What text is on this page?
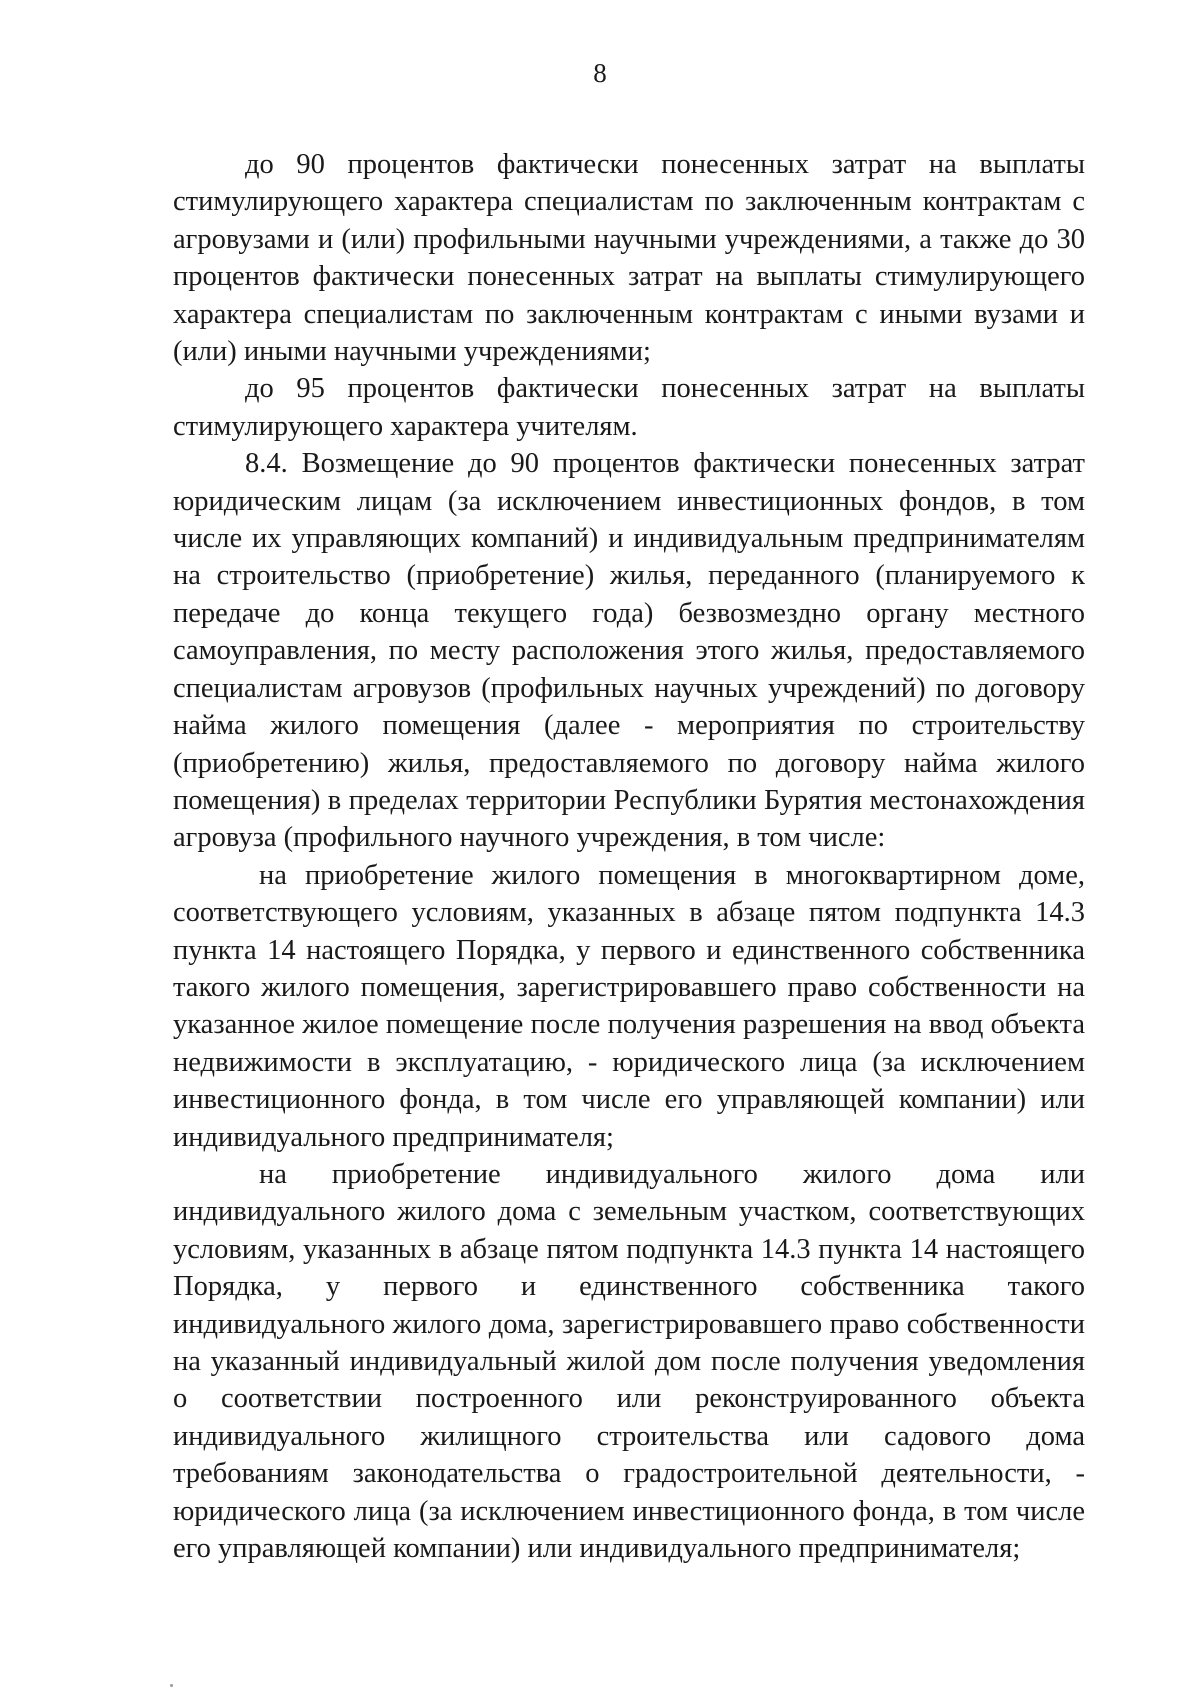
8

до 90 процентов фактически понесенных затрат на выплаты стимулирующего характера специалистам по заключенным контрактам с агровузами и (или) профильными научными учреждениями, а также до 30 процентов фактически понесенных затрат на выплаты стимулирующего характера специалистам по заключенным контрактам с иными вузами и (или) иными научными учреждениями;

до 95 процентов фактически понесенных затрат на выплаты стимулирующего характера учителям.

8.4. Возмещение до 90 процентов фактически понесенных затрат юридическим лицам (за исключением инвестиционных фондов, в том числе их управляющих компаний) и индивидуальным предпринимателям на строительство (приобретение) жилья, переданного (планируемого к передаче до конца текущего года) безвозмездно органу местного самоуправления, по месту расположения этого жилья, предоставляемого специалистам агровузов (профильных научных учреждений) по договору найма жилого помещения (далее - мероприятия по строительству (приобретению) жилья, предоставляемого по договору найма жилого помещения) в пределах территории Республики Бурятия местонахождения агровуза (профильного научного учреждения, в том числе:

на приобретение жилого помещения в многоквартирном доме, соответствующего условиям, указанных в абзаце пятом подпункта 14.3 пункта 14 настоящего Порядка, у первого и единственного собственника такого жилого помещения, зарегистрировавшего право собственности на указанное жилое помещение после получения разрешения на ввод объекта недвижимости в эксплуатацию, - юридического лица (за исключением инвестиционного фонда, в том числе его управляющей компании) или индивидуального предпринимателя;

на приобретение индивидуального жилого дома или индивидуального жилого дома с земельным участком, соответствующих условиям, указанных в абзаце пятом подпункта 14.3 пункта 14 настоящего Порядка, у первого и единственного собственника такого индивидуального жилого дома, зарегистрировавшего право собственности на указанный индивидуальный жилой дом после получения уведомления о соответствии построенного или реконструированного объекта индивидуального жилищного строительства или садового дома требованиям законодательства о градостроительной деятельности, - юридического лица (за исключением инвестиционного фонда, в том числе его управляющей компании) или индивидуального предпринимателя;
